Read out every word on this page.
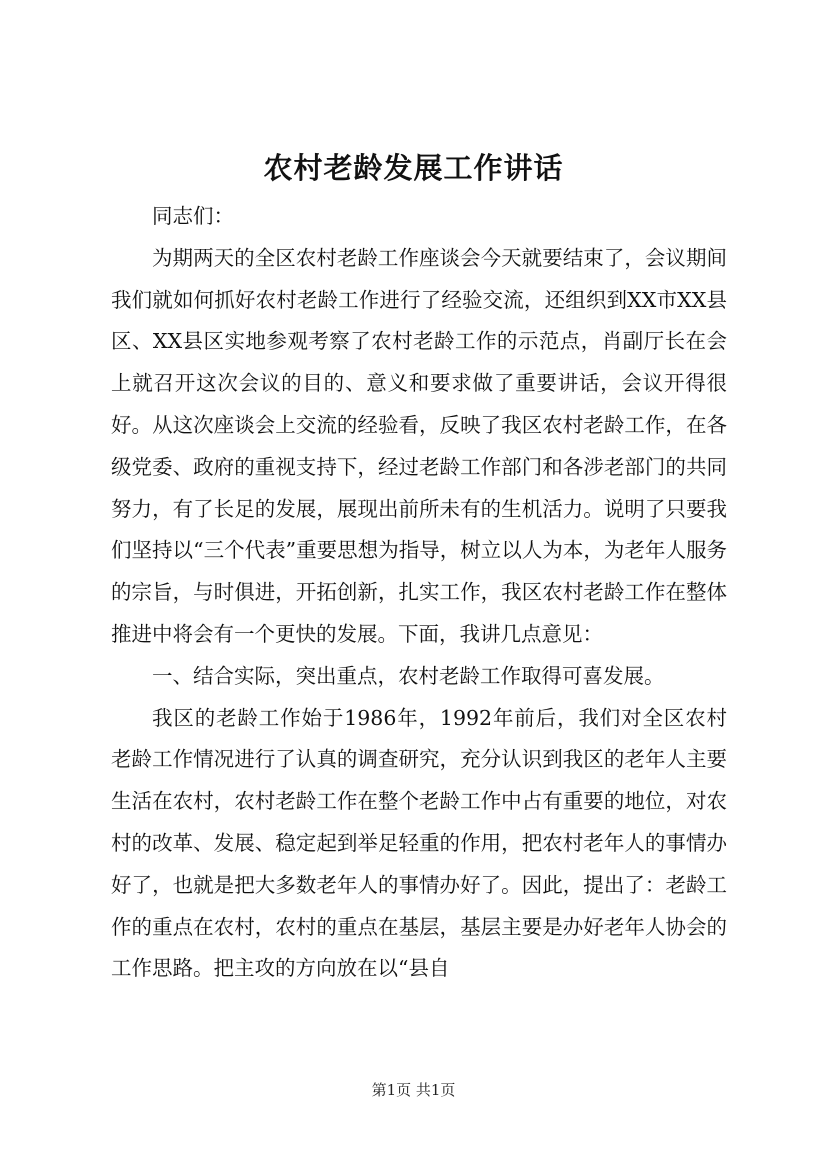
农村老龄发展工作讲话

同志们：

为期两天的全区农村老龄工作座谈会今天就要结束了，会议期间我们就如何抓好农村老龄工作进行了经验交流，还组织到XX市XX县区、XX县区实地参观考察了农村老龄工作的示范点，肖副厅长在会上就召开这次会议的目的、意义和要求做了重要讲话，会议开得很好。从这次座谈会上交流的经验看，反映了我区农村老龄工作，在各级党委、政府的重视支持下，经过老龄工作部门和各涉老部门的共同努力，有了长足的发展，展现出前所未有的生机活力。说明了只要我们坚持以“三个代表”重要思想为指导，树立以人为本，为老年人服务的宗旨，与时俱进，开拓创新，扎实工作，我区农村老龄工作在整体推进中将会有一个更快的发展。下面，我讲几点意见：

一、结合实际，突出重点，农村老龄工作取得可喜发展。

我区的老龄工作始于1986年，1992年前后，我们对全区农村老龄工作情况进行了认真的调查研究，充分认识到我区的老年人主要生活在农村，农村老龄工作在整个老龄工作中占有重要的地位，对农村的改革、发展、稳定起到举足轻重的作用，把农村老年人的事情办好了，也就是把大多数老年人的事情办好了。因此，提出了：老龄工作的重点在农村，农村的重点在基层，基层主要是办好老年人协会的工作思路。把主攻的方向放在以“县自

第1页 共1页
